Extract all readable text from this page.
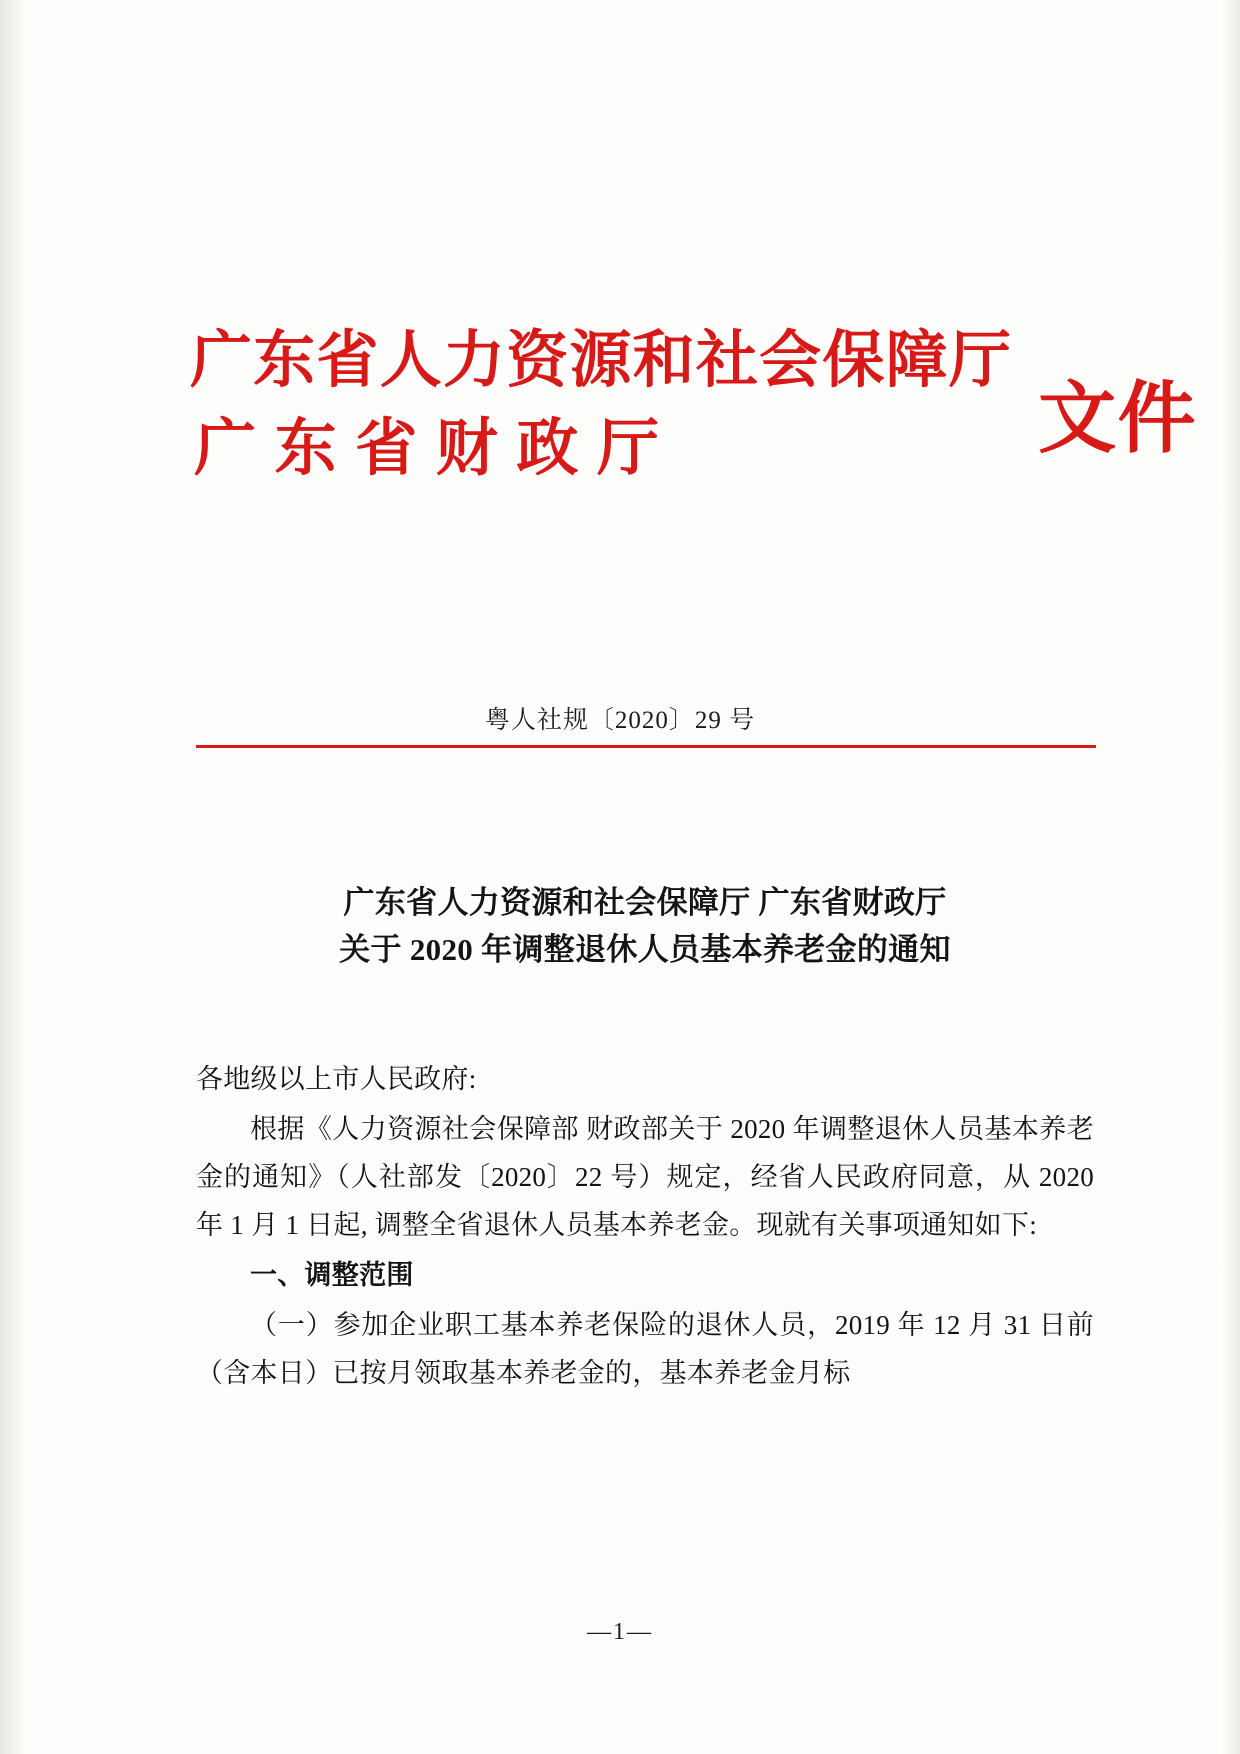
广东省人力资源和社会保障厅
广东省财政厅	文件
粤人社规〔2020〕29 号
广东省人力资源和社会保障厅 广东省财政厅
关于 2020 年调整退休人员基本养老金的通知

各地级以上市人民政府:

根据《人力资源社会保障部 财政部关于 2020 年调整退休人员基本养老金的通知》（人社部发〔2020〕22 号）规定，经省人民政府同意，从 2020 年 1 月 1 日起, 调整全省退休人员基本养老金。现就有关事项通知如下:

一、调整范围

（一）参加企业职工基本养老保险的退休人员，2019 年 12 月 31 日前（含本日）已按月领取基本养老金的，基本养老金月标

—1—
